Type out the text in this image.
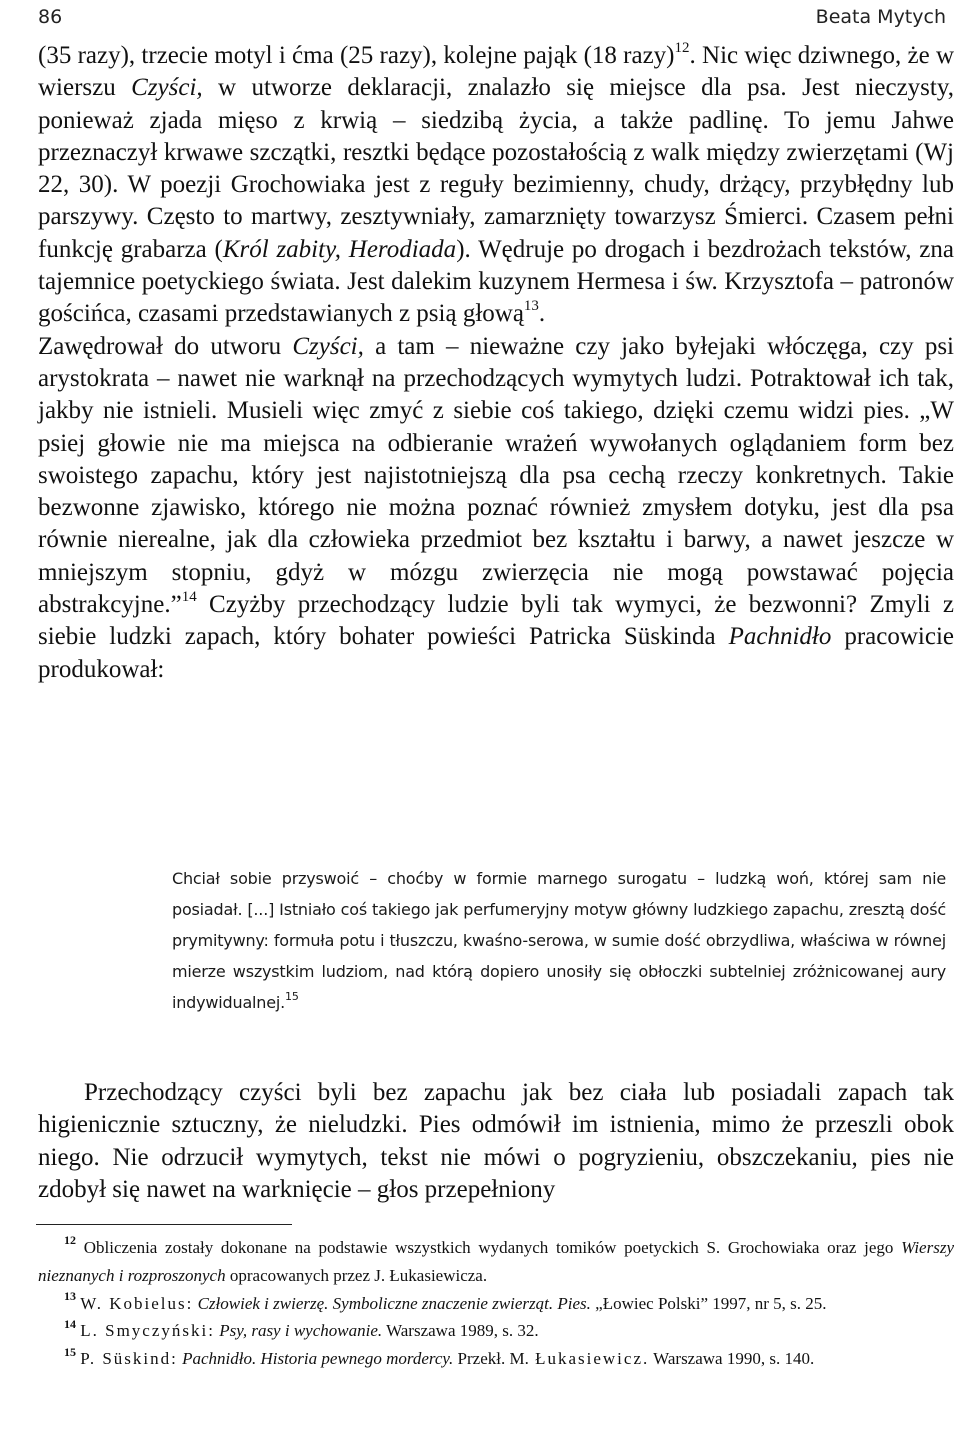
86	Beata Mytych

(35 razy), trzecie motyl i ćma (25 razy), kolejne pająk (18 razy)$^{12}$. Nic więc dziwnego, że w wierszu Czyści, w utworze deklaracji, znalazło się miejsce dla psa. Jest nieczysty, ponieważ zjada mięso z krwią – siedzibą życia, a także padlinę. To jemu Jahwe przeznaczył krwawe szczątki, resztki będące pozostałością z walk między zwierzętami (Wj 22, 30). W poezji Grochowiaka jest z reguły bezimienny, chudy, drżący, przybłędny lub parszywy. Często to martwy, zesztywniały, zamarznięty towarzysz Śmierci. Czasem pełni funkcję grabarza (Król zabity, Herodiada). Wędruje po drogach i bezdrożach tekstów, zna tajemnice poetyckiego świata. Jest dalekim kuzynem Hermesa i św. Krzysztofa – patronów gościńca, czasami przedstawianych z psią głową$^{13}$.

Zawędrował do utworu Czyści, a tam – nieważne czy jako byłejaki włóczęga, czy psi arystokrata – nawet nie warknął na przechodzących wymytych ludzi. Potraktował ich tak, jakby nie istnieli. Musieli więc zmyć z siebie coś takiego, dzięki czemu widzi pies. „W psiej głowie nie ma miejsca na odbieranie wrażeń wywołanych oglądaniem form bez swoistego zapachu, który jest najistotniejszą dla psa cechą rzeczy konkretnych. Takie bezwonne zjawisko, którego nie można poznać również zmysłem dotyku, jest dla psa równie nierealne, jak dla człowieka przedmiot bez kształtu i barwy, a nawet jeszcze w mniejszym stopniu, gdyż w mózgu zwierzęcia nie mogą powstawać pojęcia abstrakcyjne.”$^{14}$ Czyżby przechodzący ludzie byli tak wymyci, że bezwonni? Zmyli z siebie ludzki zapach, który bohater powieści Patricka Süskinda Pachnidło pracowicie produkował:

Chciał sobie przyswoić – choćby w formie marnego surogatu – ludzką woń, której sam nie posiadał. [...] Istniało coś takiego jak perfumeryjny motyw główny ludzkiego zapachu, zresztą dość prymitywny: formuła potu i tłuszczu, kwaśno-serowa, w sumie dość obrzydliwa, właściwa w równej mierze wszystkim ludziom, nad którą dopiero unosiły się obłoczki subtelniej zróżnicowanej aury indywidualnej.$^{15}$

Przechodzący czyści byli bez zapachu jak bez ciała lub posiadali zapach tak higienicznie sztuczny, że nieludzki. Pies odmówił im istnienia, mimo że przeszli obok niego. Nie odrzucił wymytych, tekst nie mówi o pogryzieniu, obszczekaniu, pies nie zdobył się nawet na warknięcie – głos przepełniony

$^{12}$ Obliczenia zostały dokonane na podstawie wszystkich wydanych tomików poetyckich S. Grochowiaka oraz jego Wierszy nieznanych i rozproszonych opracowanych przez J. Łukasiewicza.

$^{13}$ W. Kobielus: Człowiek i zwierzę. Symboliczne znaczenie zwierząt. Pies. „Łowiec Polski” 1997, nr 5, s. 25.

$^{14}$ L. Smyczyński: Psy, rasy i wychowanie. Warszawa 1989, s. 32.

$^{15}$ P. Süskind: Pachnidło. Historia pewnego mordercy. Przekł. M. Łukasiewicz. Warszawa 1990, s. 140.
